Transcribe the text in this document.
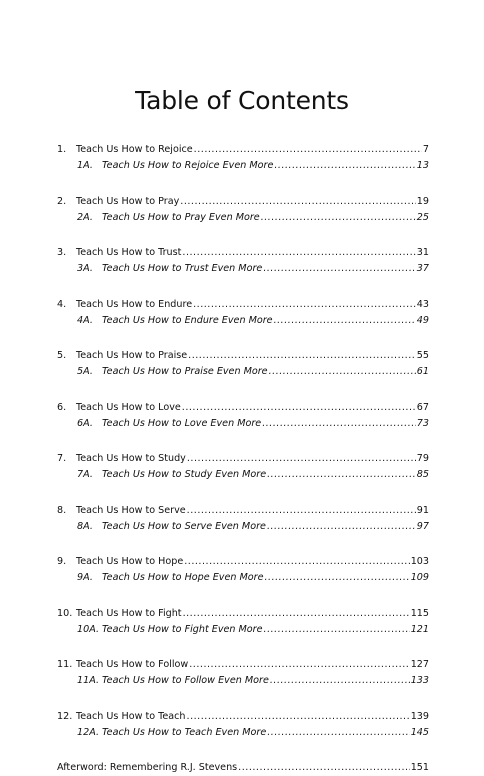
Table of Contents
1.	Teach Us How to Rejoice .....	7
1A. Teach Us How to Rejoice Even More .....	13
2.	Teach Us How to Pray .....	19
2A. Teach Us How to Pray Even More .....	25
3.	Teach Us How to Trust .....	31
3A. Teach Us How to Trust Even More .....	37
4.	Teach Us How to Endure .....	43
4A. Teach Us How to Endure Even More .....	49
5.	Teach Us How to Praise .....	55
5A. Teach Us How to Praise Even More .....	61
6.	Teach Us How to Love .....	67
6A. Teach Us How to Love Even More .....	73
7.	Teach Us How to Study .....	79
7A. Teach Us How to Study Even More .....	85
8.	Teach Us How to Serve .....	91
8A. Teach Us How to Serve Even More .....	97
9.	Teach Us How to Hope .....	103
9A. Teach Us How to Hope Even More .....	109
10. Teach Us How to Fight .....	115
10A. Teach Us How to Fight Even More .....	121
11. Teach Us How to Follow .....	127
11A. Teach Us How to Follow Even More .....	133
12. Teach Us How to Teach .....	139
12A. Teach Us How to Teach Even More .....	145
Afterword: Remembering R.J. Stevens .....	151
